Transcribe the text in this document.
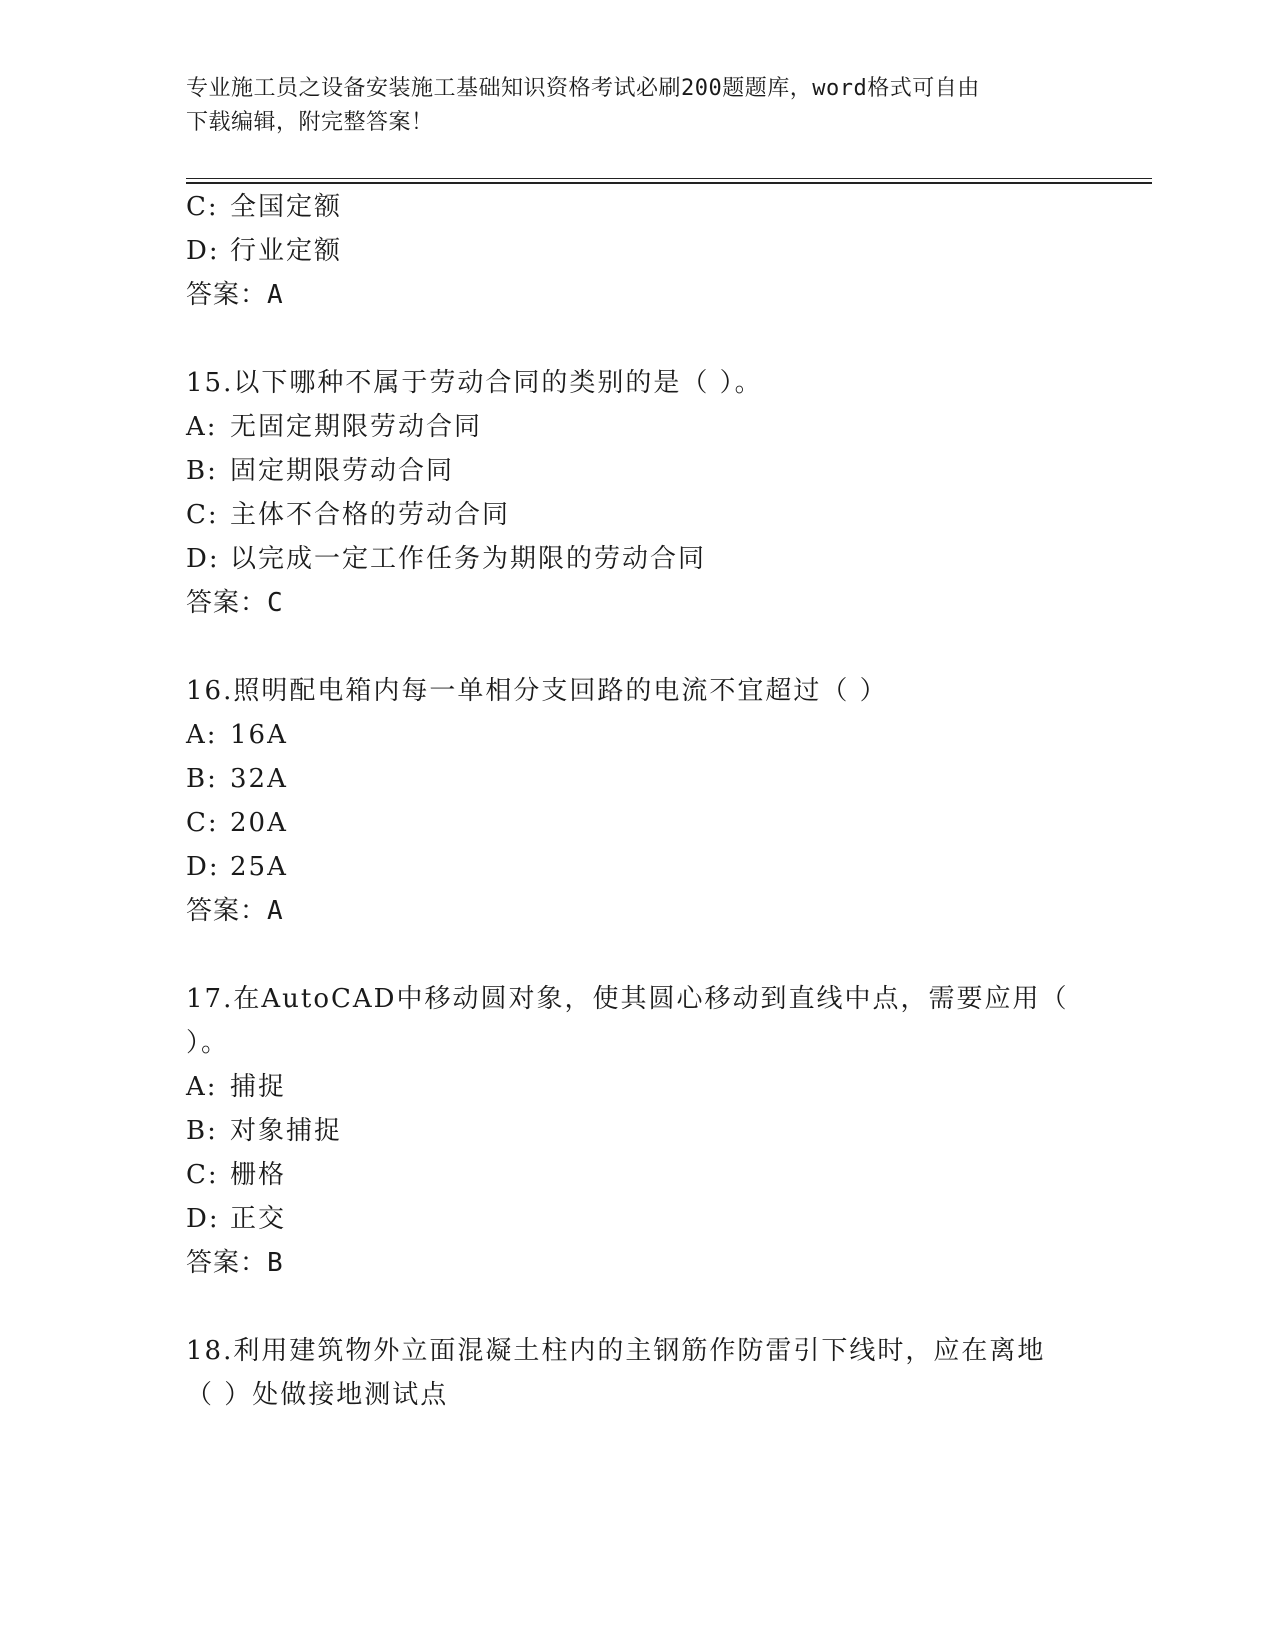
专业施工员之设备安装施工基础知识资格考试必刷200题题库，word格式可自由
下载编辑，附完整答案！
C: 全国定额
D: 行业定额
答案：A
15.以下哪种不属于劳动合同的类别的是（ ）。
A: 无固定期限劳动合同
B: 固定期限劳动合同
C: 主体不合格的劳动合同
D: 以完成一定工作任务为期限的劳动合同
答案：C
16.照明配电箱内每一单相分支回路的电流不宜超过（ ）
A: 16A
B: 32A
C: 20A
D: 25A
答案：A
17.在AutoCAD中移动圆对象，使其圆心移动到直线中点，需要应用（
）。
A: 捕捉
B: 对象捕捉
C: 栅格
D: 正交
答案：B
18.利用建筑物外立面混凝土柱内的主钢筋作防雷引下线时，应在离地
（ ）处做接地测试点
